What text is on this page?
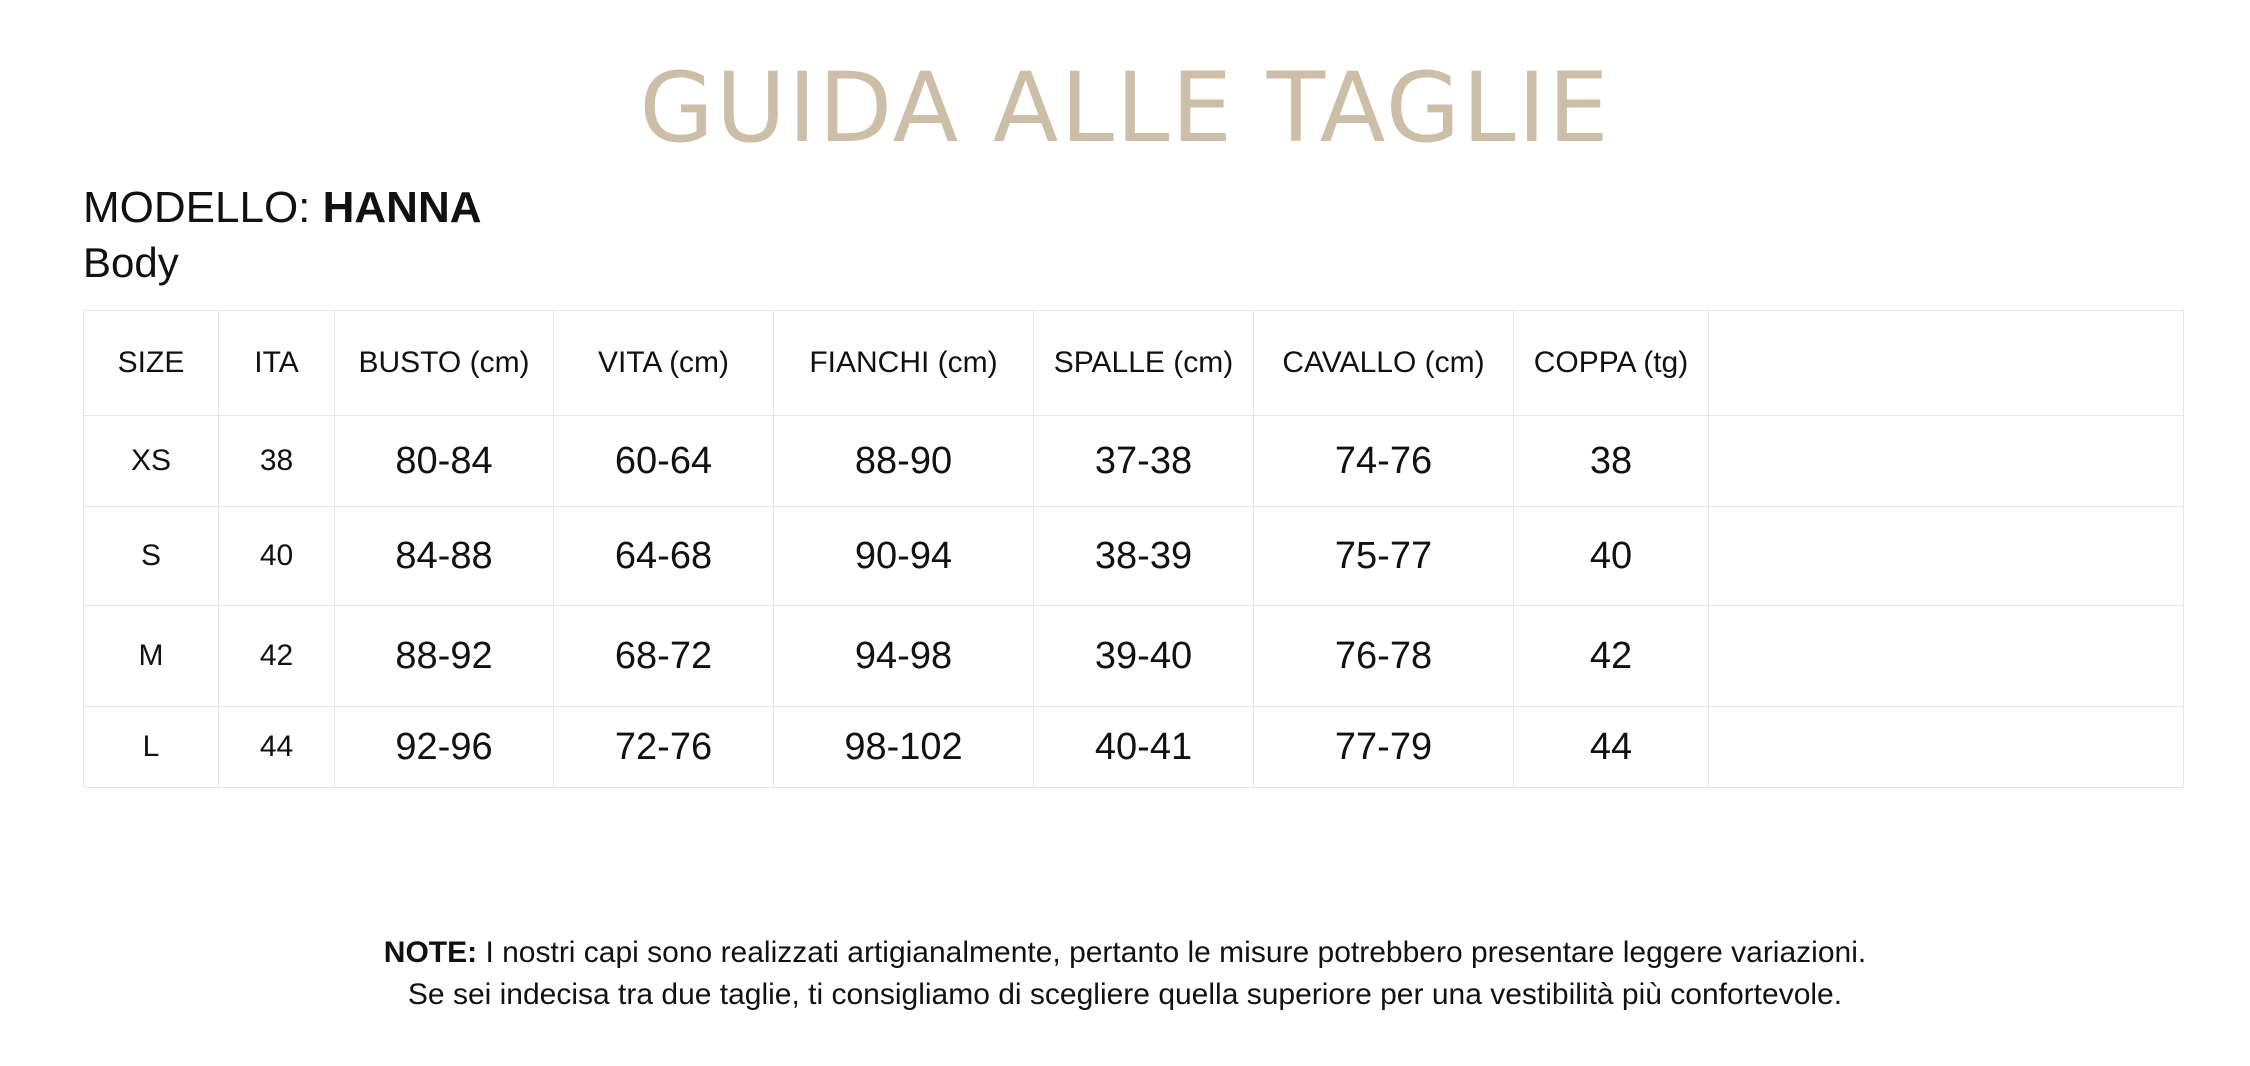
GUIDA ALLE TAGLIE
MODELLO: HANNA
Body
SIZE	ITA	BUSTO (cm)	VITA (cm)	FIANCHI (cm)	SPALLE (cm)	CAVALLO (cm)	COPPA (tg)	
XS	38	80-84	60-64	88-90	37-38	74-76	38	
S	40	84-88	64-68	90-94	38-39	75-77	40	
M	42	88-92	68-72	94-98	39-40	76-78	42	
L	44	92-96	72-76	98-102	40-41	77-79	44	
NOTE: I nostri capi sono realizzati artigianalmente, pertanto le misure potrebbero presentare leggere variazioni.
Se sei indecisa tra due taglie, ti consigliamo di scegliere quella superiore per una vestibilità più confortevole.
